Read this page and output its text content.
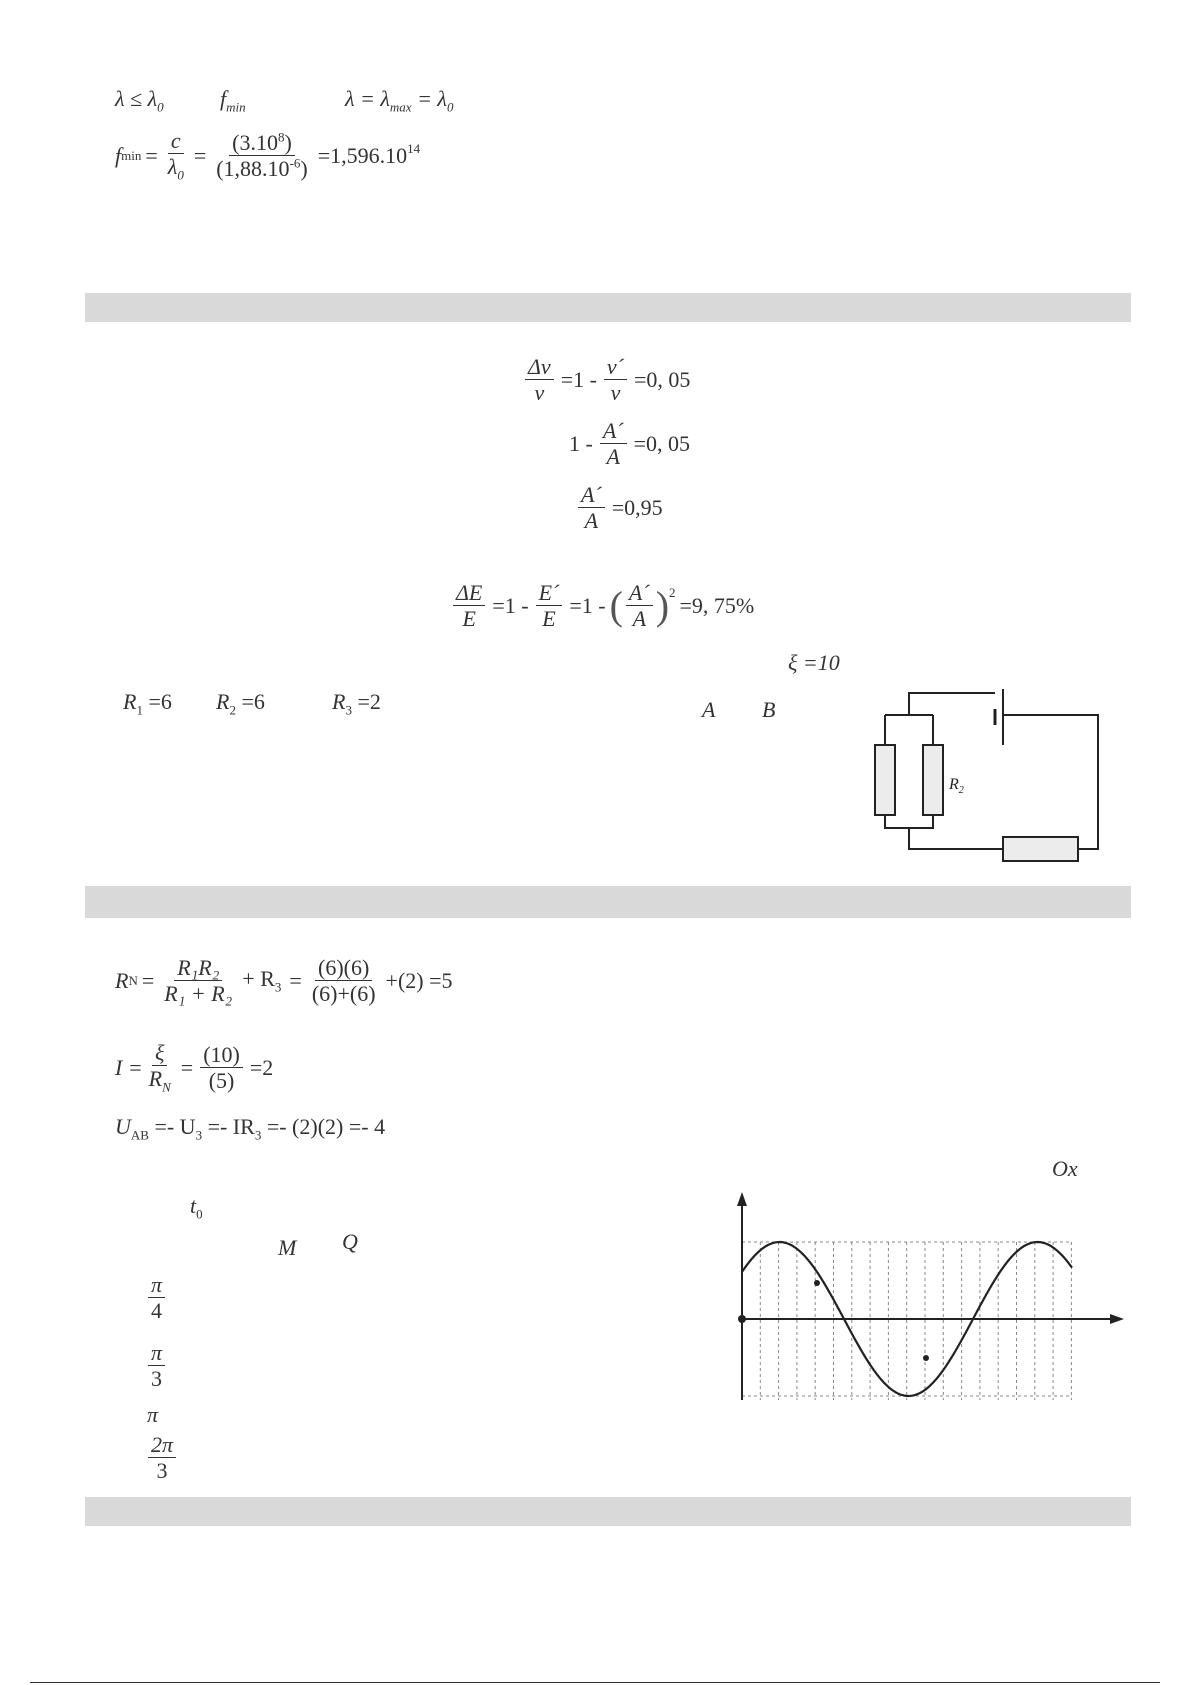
$\lambda \le \lambda_0$	$f_{min}$	$\lambda = \lambda_{max} = \lambda_0$
f $\min = \frac{c}{\lambda_0} = \frac{(3.10^8)}{(1,88.10^{-6})} =1,596.10^{14}$
$\frac{\Delta v}{v} =1 - \frac{v´}{v} =0$, 05
$1 - \frac{A´}{A} =0$, 05
$\frac{A´}{A} =0,95$
$\frac{\Delta E}{E} =1 - \frac{E´}{E} =1$ - ( $\frac{A´}{A} )^2$
=9, 75%
ξ =10
$R_1 =6$ $R_2 =6$	$R_3 =2$	A B
$R_2$
R $N = \frac{\text{R₁R₂}}{\text{R₁ + R₂}} + R_3 = \frac{(6)(6)}{(6)+(6)} +(2) =5$
$I = \frac{\xi}{R_N} = \frac{(10)}{(5)} =2$
$U_{AB} =- U_3 =- IR_3 =- (2)(2) =- 4$
Ox
$t_0$
M Q
$\frac{\pi}{4}$
$\frac{\pi}{3}$
π
$\frac{2\pi}{3}$
